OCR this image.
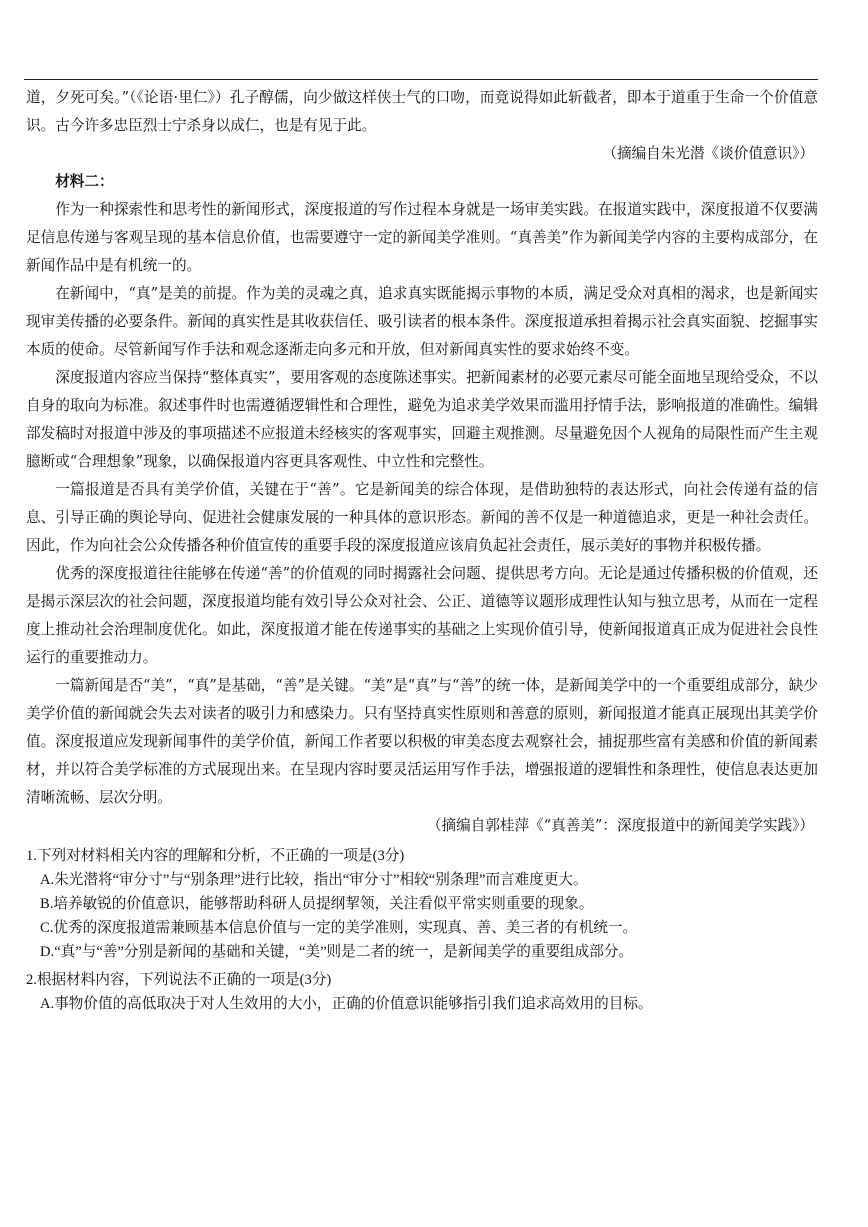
道，夕死可矣。”（《论语·里仁》）孔子醇儒，向少做这样侠士气的口吻，而竟说得如此斩截者，即本于道重于生命一个价值意识。古今许多忠臣烈士宁杀身以成仁，也是有见于此。

（摘编自朱光潜《谈价值意识》）

材料二：

作为一种探索性和思考性的新闻形式，深度报道的写作过程本身就是一场审美实践。在报道实践中，深度报道不仅要满足信息传递与客观呈现的基本信息价值，也需要遵守一定的新闻美学准则。“真善美”作为新闻美学内容的主要构成部分，在新闻作品中是有机统一的。

在新闻中，“真”是美的前提。作为美的灵魂之真，追求真实既能揭示事物的本质，满足受众对真相的渴求，也是新闻实现审美传播的必要条件。新闻的真实性是其收获信任、吸引读者的根本条件。深度报道承担着揭示社会真实面貌、挖掘事实本质的使命。尽管新闻写作手法和观念逐渐走向多元和开放，但对新闻真实性的要求始终不变。

深度报道内容应当保持“整体真实”，要用客观的态度陈述事实。把新闻素材的必要元素尽可能全面地呈现给受众，不以自身的取向为标准。叙述事件时也需遵循逻辑性和合理性，避免为追求美学效果而滥用抒情手法，影响报道的准确性。编辑部发稿时对报道中涉及的事项描述不应报道未经核实的客观事实，回避主观推测。尽量避免因个人视角的局限性而产生主观臆断或“合理想象”现象，以确保报道内容更具客观性、中立性和完整性。

一篇报道是否具有美学价值，关键在于“善”。它是新闻美的综合体现，是借助独特的表达形式，向社会传递有益的信息、引导正确的舆论导向、促进社会健康发展的一种具体的意识形态。新闻的善不仅是一种道德追求，更是一种社会责任。因此，作为向社会公众传播各种价值宣传的重要手段的深度报道应该肩负起社会责任，展示美好的事物并积极传播。

优秀的深度报道往往能够在传递“善”的价值观的同时揭露社会问题、提供思考方向。无论是通过传播积极的价值观，还是揭示深层次的社会问题，深度报道均能有效引导公众对社会、公正、道德等议题形成理性认知与独立思考，从而在一定程度上推动社会治理制度优化。如此，深度报道才能在传递事实的基础之上实现价值引导，使新闻报道真正成为促进社会良性运行的重要推动力。

一篇新闻是否“美”，“真”是基础，“善”是关键。“美”是“真”与“善”的统一体，是新闻美学中的一个重要组成部分，缺少美学价值的新闻就会失去对读者的吸引力和感染力。只有坚持真实性原则和善意的原则，新闻报道才能真正展现出其美学价值。深度报道应发现新闻事件的美学价值，新闻工作者要以积极的审美态度去观察社会，捕捉那些富有美感和价值的新闻素材，并以符合美学标准的方式展现出来。在呈现内容时要灵活运用写作手法，增强报道的逻辑性和条理性，使信息表达更加清晰流畅、层次分明。

（摘编自郭桂萍《“真善美”：深度报道中的新闻美学实践》）

1.下列对材料相关内容的理解和分析，不正确的一项是(3分)

A.朱光潜将“审分寸”与“别条理”进行比较，指出“审分寸”相较“别条理”而言难度更大。

B.培养敏锐的价值意识，能够帮助科研人员提纲挈领，关注看似平常实则重要的现象。

C.优秀的深度报道需兼顾基本信息价值与一定的美学准则，实现真、善、美三者的有机统一。

D.“真”与“善”分别是新闻的基础和关键，“美”则是二者的统一，是新闻美学的重要组成部分。

2.根据材料内容，下列说法不正确的一项是(3分)

A.事物价值的高低取决于对人生效用的大小，正确的价值意识能够指引我们追求高效用的目标。
